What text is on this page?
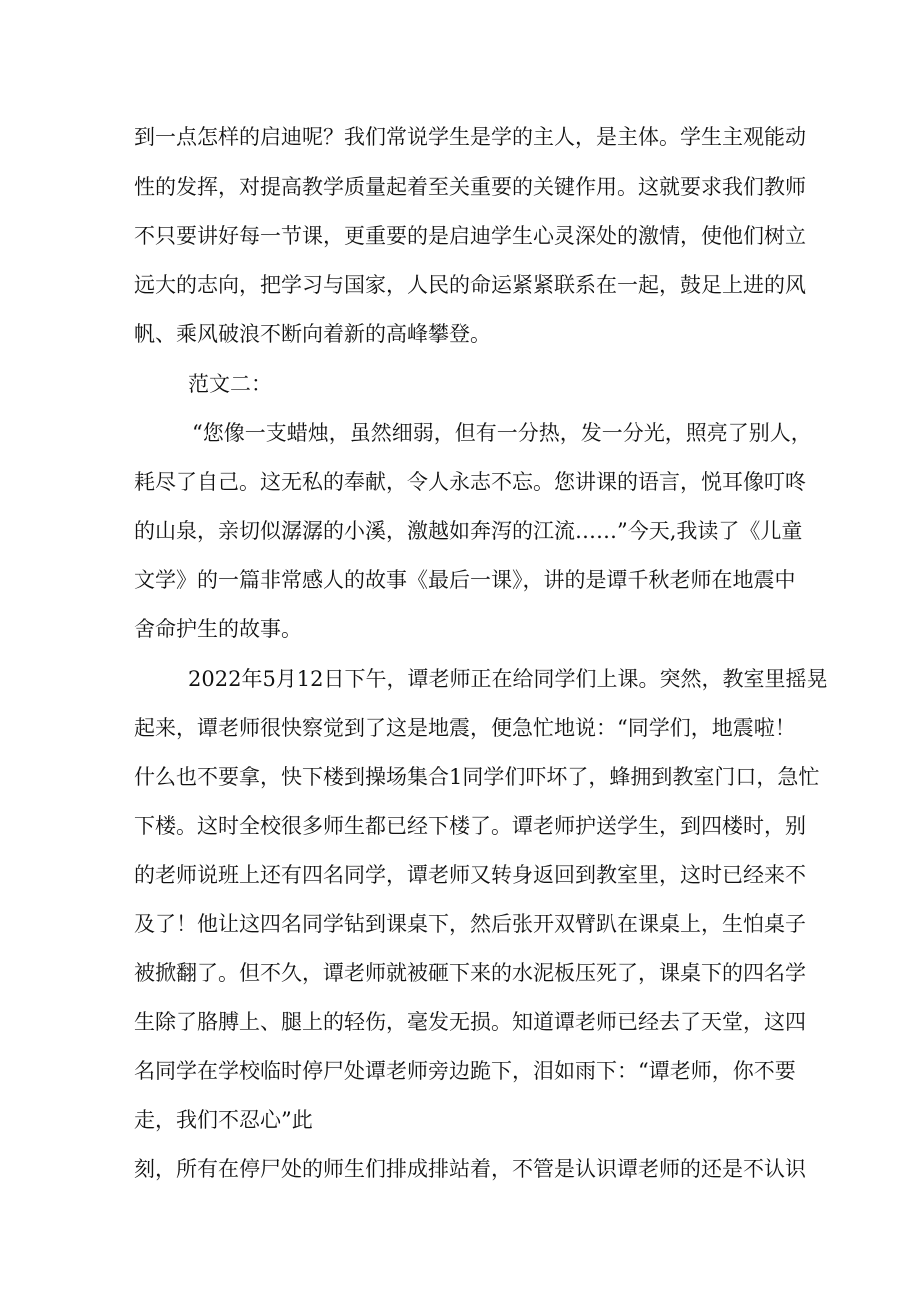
到一点怎样的启迪呢？我们常说学生是学的主人，是主体。学生主观能动
性的发挥，对提高教学质量起着至关重要的关键作用。这就要求我们教师
不只要讲好每一节课，更重要的是启迪学生心灵深处的激情，使他们树立
远大的志向，把学习与国家，人民的命运紧紧联系在一起，鼓足上进的风
帆、乘风破浪不断向着新的高峰攀登。
范文二：
“您像一支蜡烛，虽然细弱，但有一分热，发一分光，照亮了别人，
耗尽了自己。这无私的奉献，令人永志不忘。您讲课的语言，悦耳像叮咚
的山泉，亲切似潺潺的小溪，激越如奔泻的江流……”今天,我读了《儿童
文学》的一篇非常感人的故事《最后一课》，讲的是谭千秋老师在地震中
舍命护生的故事。
2022年5月12日下午，谭老师正在给同学们上课。突然，教室里摇晃
起来，谭老师很快察觉到了这是地震，便急忙地说：“同学们，地震啦！
什么也不要拿，快下楼到操场集合1同学们吓坏了，蜂拥到教室门口，急忙
下楼。这时全校很多师生都已经下楼了。谭老师护送学生，到四楼时，别
的老师说班上还有四名同学，谭老师又转身返回到教室里，这时已经来不
及了！他让这四名同学钻到课桌下，然后张开双臂趴在课桌上，生怕桌子
被掀翻了。但不久，谭老师就被砸下来的水泥板压死了，课桌下的四名学
生除了胳膊上、腿上的轻伤，毫发无损。知道谭老师已经去了天堂，这四
名同学在学校临时停尸处谭老师旁边跪下，泪如雨下：“谭老师，你不要
走，我们不忍心”此
刻，所有在停尸处的师生们排成排站着，不管是认识谭老师的还是不认识
